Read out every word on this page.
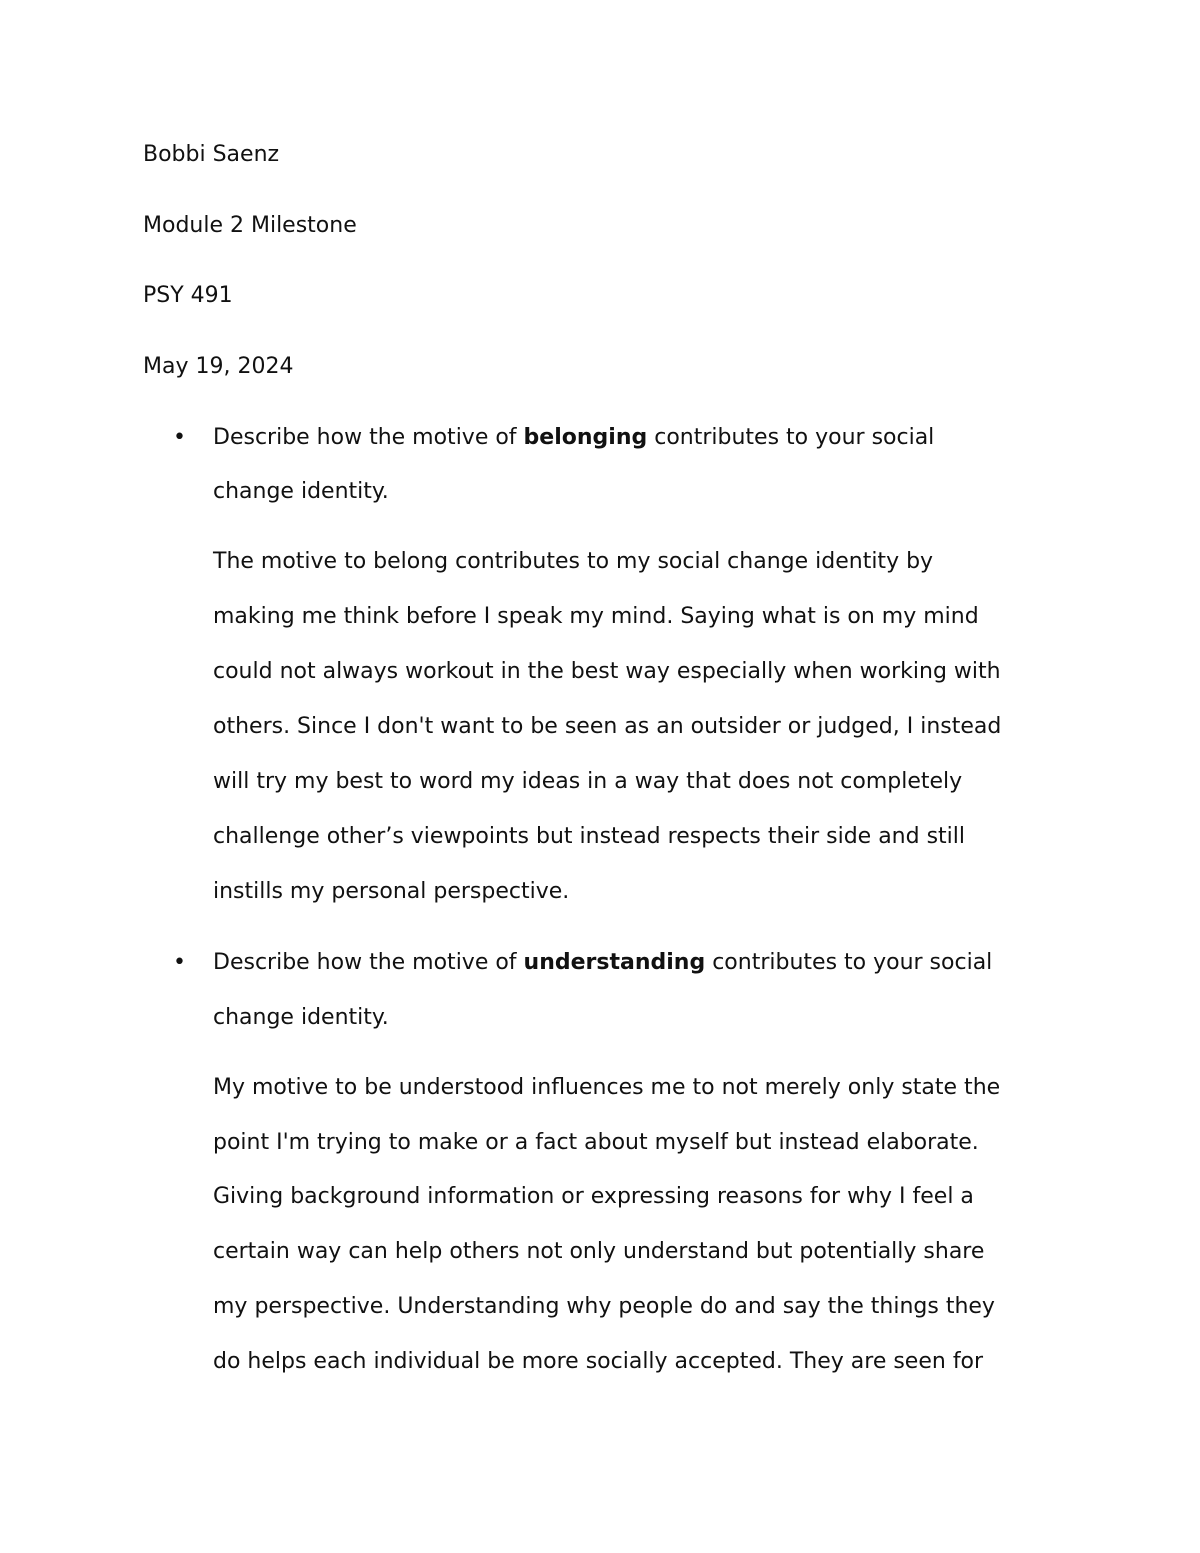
Bobbi Saenz
Module 2 Milestone
PSY 491
May 19, 2024
• Describe how the motive of belonging contributes to your social
change identity.
The motive to belong contributes to my social change identity by
making me think before I speak my mind. Saying what is on my mind
could not always workout in the best way especially when working with
others. Since I don't want to be seen as an outsider or judged, I instead
will try my best to word my ideas in a way that does not completely
challenge other’s viewpoints but instead respects their side and still
instills my personal perspective.
• Describe how the motive of understanding contributes to your social
change identity.
My motive to be understood influences me to not merely only state the
point I'm trying to make or a fact about myself but instead elaborate.
Giving background information or expressing reasons for why I feel a
certain way can help others not only understand but potentially share
my perspective. Understanding why people do and say the things they
do helps each individual be more socially accepted. They are seen for
